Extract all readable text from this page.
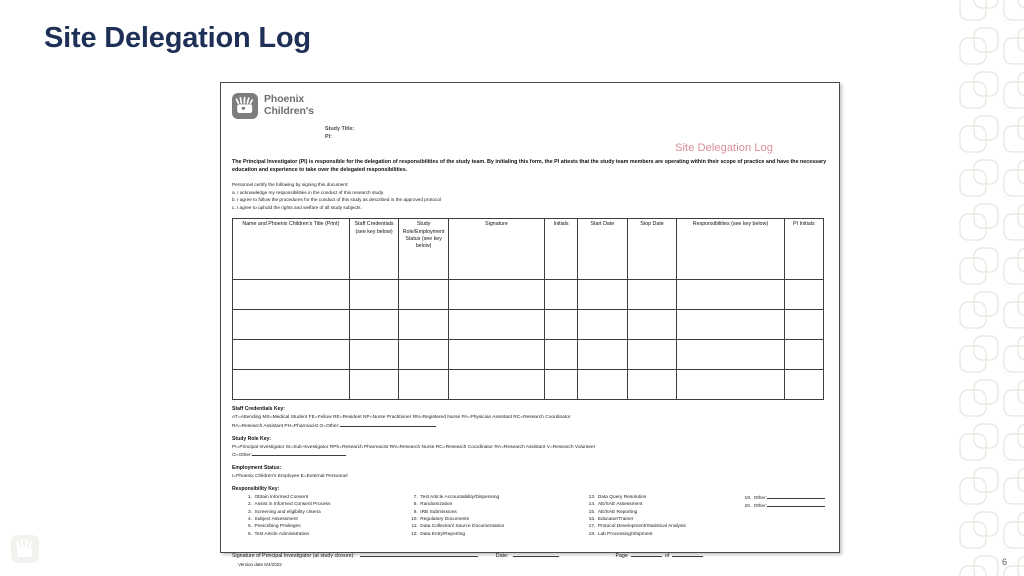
Site Delegation Log
6
Phoenix
Children's
Study Title:
PI:
Site Delegation Log
The Principal Investigator (PI) is responsible for the delegation of responsibilities of the study team. By initialing this form, the PI attests that the study team members are operating within their scope of practice and have the necessary education and experience to take over the delegated responsibilities.
Personnel certify the following by signing this document:
a. I acknowledge my responsibilities in the conduct of this research study.
b. I agree to follow the procedures for the conduct of this study as described in the approved protocol
c. I agree to uphold the rights and welfare of all study subjects.
Name and Phoenix Children's Title (Print)	Staff Credentials (see key below)	Study Role/Employment Status (see key below)	Signature	Initials	Start Date	Stop Date	Responsibilities (see key below)	PI Initials

Staff Credentials Key:
AT=Attending MS=Medical Student FE=Fellow RE=Resident NP=Nurse Practitioner RN=Registered Nurse PA=Physician Assistant RC=Research Coordinator
RA=Research Assistant PH=Pharmacist O=Other:
Study Role Key:
PI=Principal Investigator SI=Sub-Investigator RPh=Research Pharmacist RN=Research Nurse RC=Research Coordinator RA=Research Assistant V=Research Volunteer
O=Other:
Employment Status:
I=Phoenix Children's Employee E=External Personnel
Responsibility Key:
1. Obtain Informed Consent
2. Assist in Informed Consent Process
3. Screening and eligibility criteria
4. Subject Assessment
5. Prescribing Privileges
6. Test Article Administration
7. Test Article Accountability/Dispensing
8. Randomization
9. IRB Submissions
10. Regulatory Documents
11. Data Collection/ Source Documentation
12. Data Entry/Reporting
13. Data Query Resolution
14. AE/SAE Assessment
15. AE/SAE Reporting
16. Educator/Trainer
17. Protocol Development/Statistical Analysis
18. Lab Processing/Shipment
19. Other:
20. Other:
Signature of Principal Investigator (at study closure):	Date:	Page	of
Version date 5/4/2022
